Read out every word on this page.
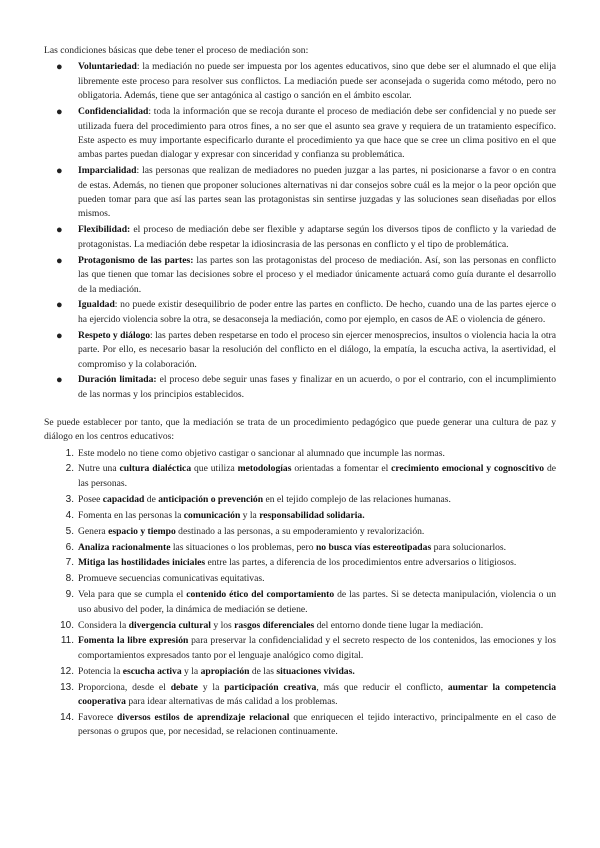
Las condiciones básicas que debe tener el proceso de mediación son:

● Voluntariedad: la mediación no puede ser impuesta por los agentes educativos, sino que debe ser el alumnado el que elija libremente este proceso para resolver sus conflictos. La mediación puede ser aconsejada o sugerida como método, pero no obligatoria. Además, tiene que ser antagónica al castigo o sanción en el ámbito escolar.
● Confidencialidad: toda la información que se recoja durante el proceso de mediación debe ser confidencial y no puede ser utilizada fuera del procedimiento para otros fines, a no ser que el asunto sea grave y requiera de un tratamiento específico. Este aspecto es muy importante especificarlo durante el procedimiento ya que hace que se cree un clima positivo en el que ambas partes puedan dialogar y expresar con sinceridad y confianza su problemática.
● Imparcialidad: las personas que realizan de mediadores no pueden juzgar a las partes, ni posicionarse a favor o en contra de estas. Además, no tienen que proponer soluciones alternativas ni dar consejos sobre cuál es la mejor o la peor opción que pueden tomar para que así las partes sean las protagonistas sin sentirse juzgadas y las soluciones sean diseñadas por ellos mismos.
● Flexibilidad: el proceso de mediación debe ser flexible y adaptarse según los diversos tipos de conflicto y la variedad de protagonistas. La mediación debe respetar la idiosincrasia de las personas en conflicto y el tipo de problemática.
● Protagonismo de las partes: las partes son las protagonistas del proceso de mediación. Así, son las personas en conflicto las que tienen que tomar las decisiones sobre el proceso y el mediador únicamente actuará como guía durante el desarrollo de la mediación.
● Igualdad: no puede existir desequilibrio de poder entre las partes en conflicto. De hecho, cuando una de las partes ejerce o ha ejercido violencia sobre la otra, se desaconseja la mediación, como por ejemplo, en casos de AE o violencia de género.
● Respeto y diálogo: las partes deben respetarse en todo el proceso sin ejercer menosprecios, insultos o violencia hacia la otra parte. Por ello, es necesario basar la resolución del conflicto en el diálogo, la empatía, la escucha activa, la asertividad, el compromiso y la colaboración.
● Duración limitada: el proceso debe seguir unas fases y finalizar en un acuerdo, o por el contrario, con el incumplimiento de las normas y los principios establecidos.

Se puede establecer por tanto, que la mediación se trata de un procedimiento pedagógico que puede generar una cultura de paz y diálogo en los centros educativos:

1. Este modelo no tiene como objetivo castigar o sancionar al alumnado que incumple las normas.
2. Nutre una cultura dialéctica que utiliza metodologías orientadas a fomentar el crecimiento emocional y cognoscitivo de las personas.
3. Posee capacidad de anticipación o prevención en el tejido complejo de las relaciones humanas.
4. Fomenta en las personas la comunicación y la responsabilidad solidaria.
5. Genera espacio y tiempo destinado a las personas, a su empoderamiento y revalorización.
6. Analiza racionalmente las situaciones o los problemas, pero no busca vías estereotipadas para solucionarlos.
7. Mitiga las hostilidades iniciales entre las partes, a diferencia de los procedimientos entre adversarios o litigiosos.
8. Promueve secuencias comunicativas equitativas.
9. Vela para que se cumpla el contenido ético del comportamiento de las partes. Si se detecta manipulación, violencia o un uso abusivo del poder, la dinámica de mediación se detiene.
10. Considera la divergencia cultural y los rasgos diferenciales del entorno donde tiene lugar la mediación.
11. Fomenta la libre expresión para preservar la confidencialidad y el secreto respecto de los contenidos, las emociones y los comportamientos expresados tanto por el lenguaje analógico como digital.
12. Potencia la escucha activa y la apropiación de las situaciones vividas.
13. Proporciona, desde el debate y la participación creativa, más que reducir el conflicto, aumentar la competencia cooperativa para idear alternativas de más calidad a los problemas.
14. Favorece diversos estilos de aprendizaje relacional que enriquecen el tejido interactivo, principalmente en el caso de personas o grupos que, por necesidad, se relacionen continuamente.
